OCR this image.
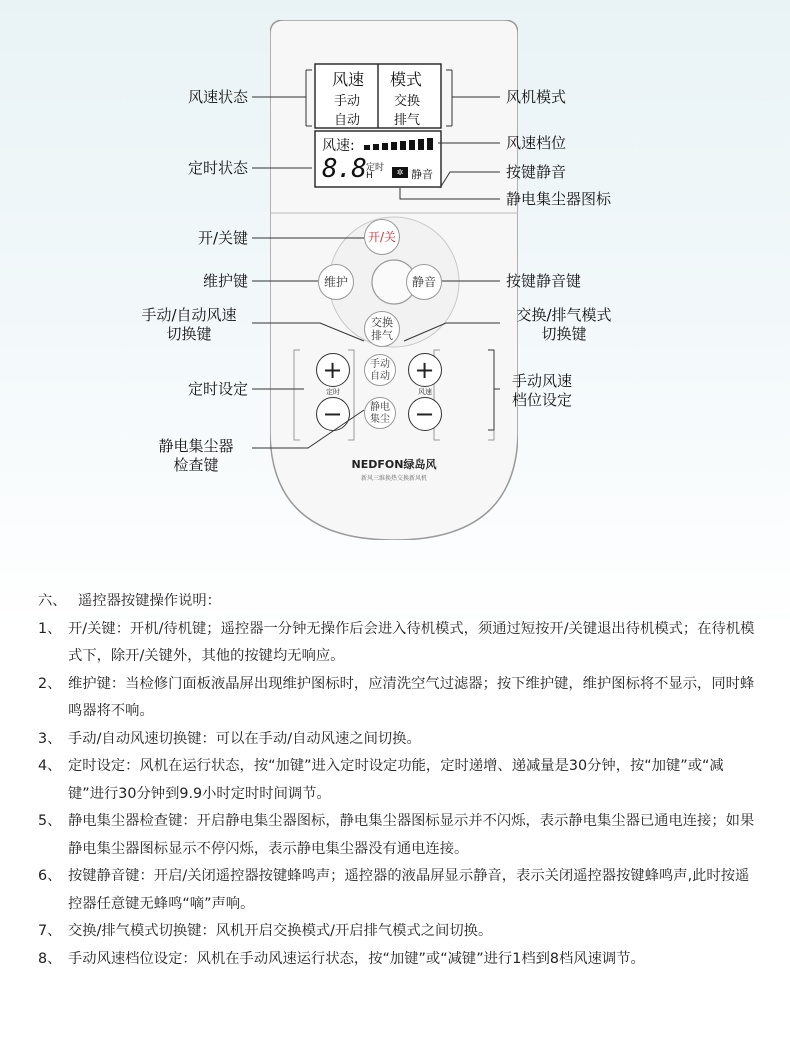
风速
手动
自动
模式
交换
排气
风速:
8.8 定时
H	✲ 静音
开/关
维护	静音
交换
排气
+
定时
−
手动
自动
静电
集尘
+
风速
−
NEDFON绿岛风
新风三维换热交换新风机
风速状态
定时状态
开/关键
维护键
手动/自动风速
切换键
定时设定
静电集尘器
检查键
风机模式
风速档位
按键静音
静电集尘器图标
按键静音键
交换/排气模式
切换键
手动风速
档位设定
六、 遥控器按键操作说明：
1、 开/关键：开机/待机键；遥控器一分钟无操作后会进入待机模式，须通过短按开/关键退出待机模式；在待机模式下，除开/关键外，其他的按键均无响应。
2、 维护键：当检修门面板液晶屏出现维护图标时，应清洗空气过滤器；按下维护键，维护图标将不显示，同时蜂鸣器将不响。
3、 手动/自动风速切换键：可以在手动/自动风速之间切换。
4、 定时设定：风机在运行状态，按“加键”进入定时设定功能，定时递增、递减量是30分钟，按“加键”或“减键”进行30分钟到9.9小时定时时间调节。
5、 静电集尘器检查键：开启静电集尘器图标，静电集尘器图标显示并不闪烁，表示静电集尘器已通电连接；如果静电集尘器图标显示不停闪烁，表示静电集尘器没有通电连接。
6、 按键静音键：开启/关闭遥控器按键蜂鸣声；遥控器的液晶屏显示静音，表示关闭遥控器按键蜂鸣声,此时按遥控器任意键无蜂鸣“嘀”声响。
7、 交换/排气模式切换键：风机开启交换模式/开启排气模式之间切换。
8、 手动风速档位设定：风机在手动风速运行状态，按“加键”或“减键”进行1档到8档风速调节。
